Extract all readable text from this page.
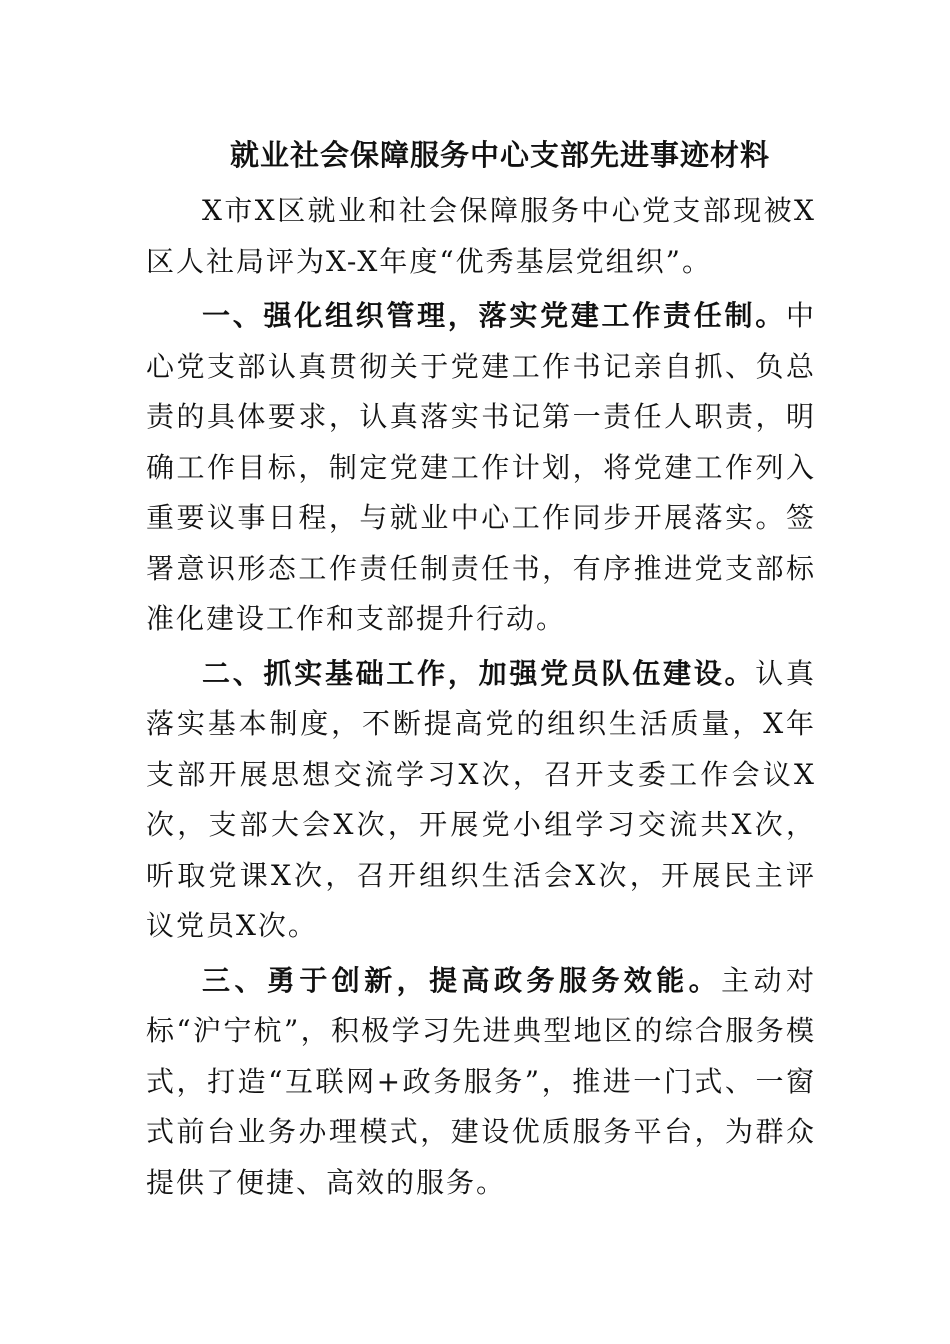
就业社会保障服务中心支部先进事迹材料

X市X区就业和社会保障服务中心党支部现被X区人社局评为X-X年度“优秀基层党组织”。

一、强化组织管理，落实党建工作责任制。中心党支部认真贯彻关于党建工作书记亲自抓、负总责的具体要求，认真落实书记第一责任人职责，明确工作目标，制定党建工作计划，将党建工作列入重要议事日程，与就业中心工作同步开展落实。签署意识形态工作责任制责任书，有序推进党支部标准化建设工作和支部提升行动。

二、抓实基础工作，加强党员队伍建设。认真落实基本制度，不断提高党的组织生活质量，X年支部开展思想交流学习X次，召开支委工作会议X次，支部大会X次，开展党小组学习交流共X次，听取党课X次，召开组织生活会X次，开展民主评议党员X次。

三、勇于创新，提高政务服务效能。主动对标“沪宁杭”，积极学习先进典型地区的综合服务模式，打造“互联网+政务服务”，推进一门式、一窗式前台业务办理模式，建设优质服务平台，为群众提供了便捷、高效的服务。
